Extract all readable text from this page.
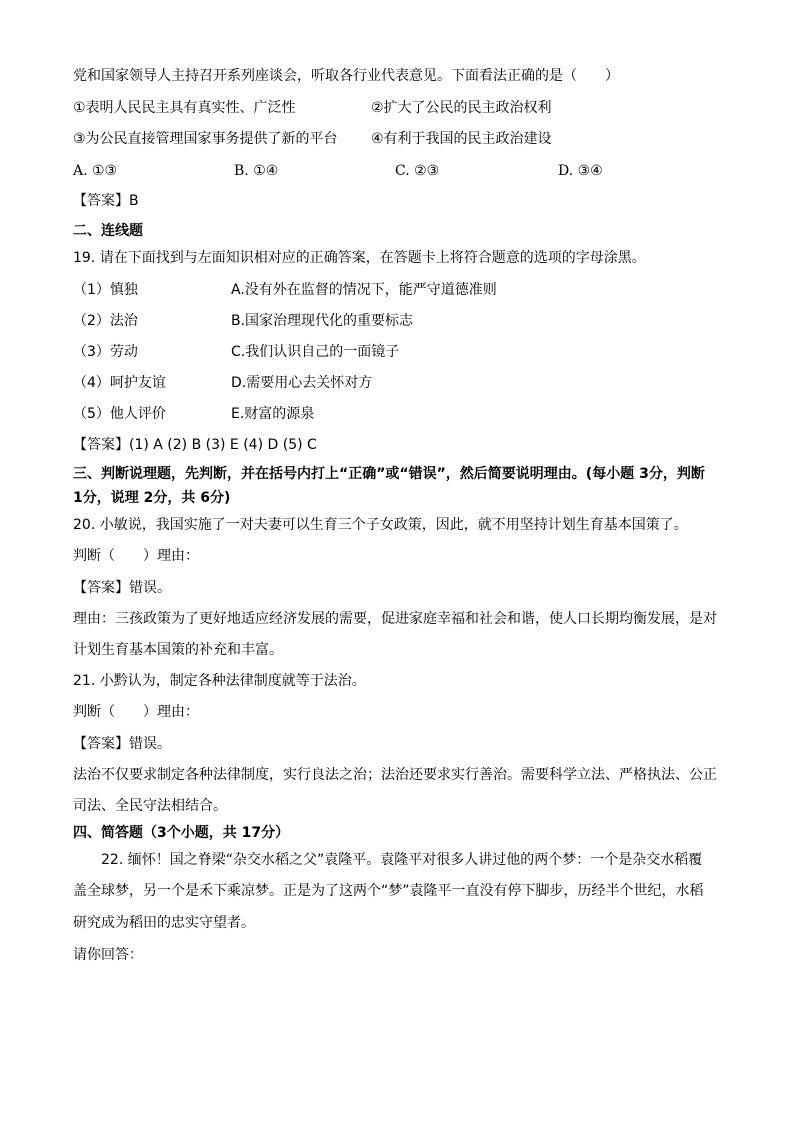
党和国家领导人主持召开系列座谈会，听取各行业代表意见。下面看法正确的是（　　）
①表明人民民主具有真实性、广泛性	②扩大了公民的民主政治权利
③为公民直接管理国家事务提供了新的平台 ④有利于我国的民主政治建设
A. ①③	B. ①④	C. ②③	D. ③④
【答案】B
二、连线题
19. 请在下面找到与左面知识相对应的正确答案，在答题卡上将符合题意的选项的字母涂黑。
（1）慎独	A.没有外在监督的情况下，能严守道德准则
（2）法治	B.国家治理现代化的重要标志
（3）劳动	C.我们认识自己的一面镜子
（4）呵护友谊	D.需要用心去关怀对方
（5）他人评价	E.财富的源泉
【答案】(1) A (2) B (3) E (4) D (5) C
三、判断说理题，先判断，并在括号内打上“正确”或“错误”，然后简要说明理由。(每小题 3分，判断
1分，说理 2分，共 6分)
20. 小敏说，我国实施了一对夫妻可以生育三个子女政策，因此，就不用坚持计划生育基本国策了。
判断（　　）理由：
【答案】错误。
理由：三孩政策为了更好地适应经济发展的需要，促进家庭幸福和社会和谐，使人口长期均衡发展，是对
计划生育基本国策的补充和丰富。
21. 小黔认为，制定各种法律制度就等于法治。
判断（　　）理由：
【答案】错误。
法治不仅要求制定各种法律制度，实行良法之治；法治还要求实行善治。需要科学立法、严格执法、公正
司法、全民守法相结合。
四、简答题（3个小题，共 17分）
22. 缅怀！国之脊梁“杂交水稻之父”袁隆平。袁隆平对很多人讲过他的两个梦：一个是杂交水稻覆
盖全球梦，另一个是禾下乘凉梦。正是为了这两个“梦”袁隆平一直没有停下脚步，历经半个世纪，水稻
研究成为稻田的忠实守望者。
请你回答：
